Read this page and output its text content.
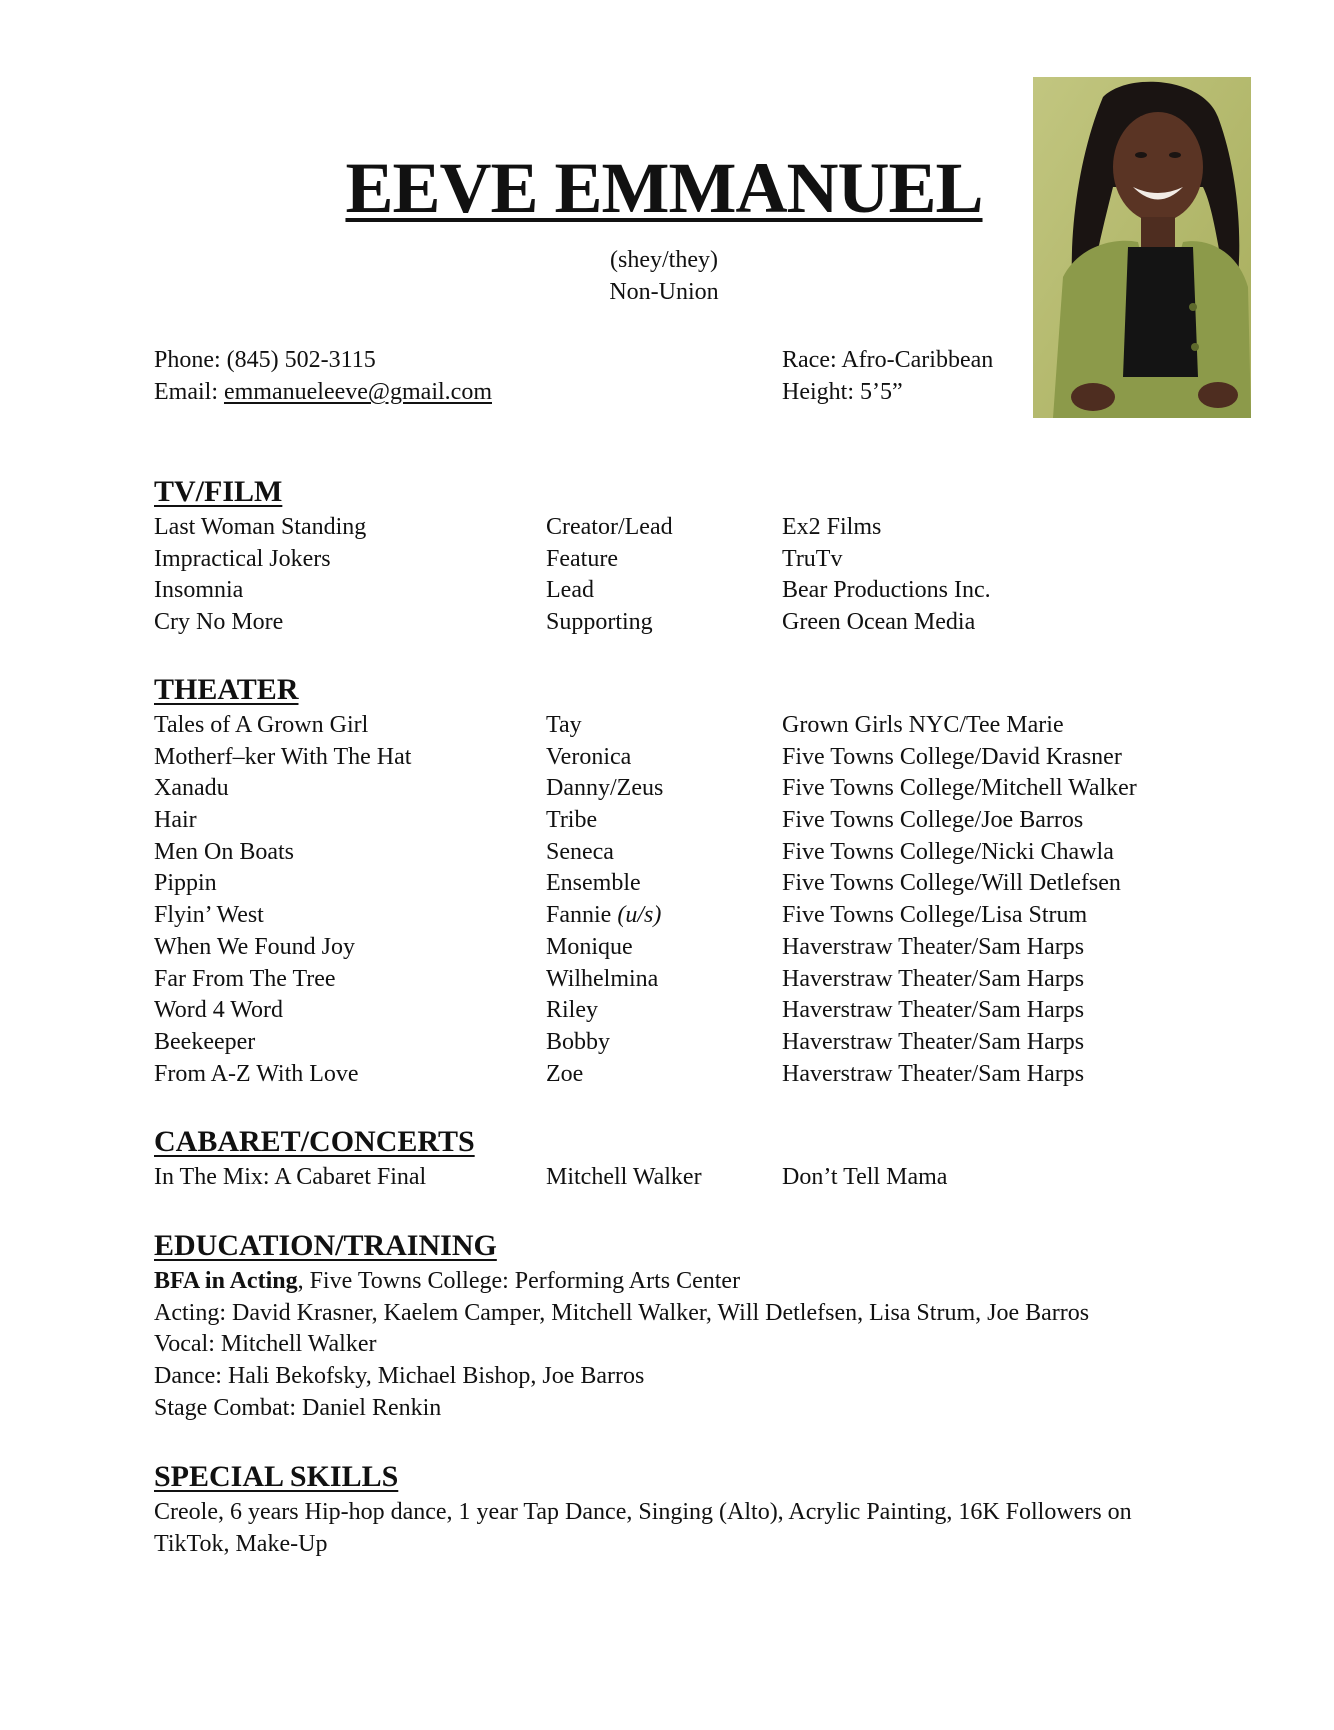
EEVE EMMANUEL
(shey/they)
Non-Union
Phone: (845) 502-3115
Email: emmanueleeve@gmail.com
Race: Afro-Caribbean
Height: 5’5”
TV/FILM
Last Woman Standing	Creator/Lead	Ex2 Films
Impractical Jokers	Feature	TruTv
Insomnia	Lead	Bear Productions Inc.
Cry No More	Supporting	Green Ocean Media
THEATER
Tales of A Grown Girl	Tay	Grown Girls NYC/Tee Marie
Motherf–ker With The Hat	Veronica	Five Towns College/David Krasner
Xanadu	Danny/Zeus	Five Towns College/Mitchell Walker
Hair	Tribe	Five Towns College/Joe Barros
Men On Boats	Seneca	Five Towns College/Nicki Chawla
Pippin	Ensemble	Five Towns College/Will Detlefsen
Flyin’ West	Fannie (u/s)	Five Towns College/Lisa Strum
When We Found Joy	Monique	Haverstraw Theater/Sam Harps
Far From The Tree	Wilhelmina	Haverstraw Theater/Sam Harps
Word 4 Word	Riley	Haverstraw Theater/Sam Harps
Beekeeper	Bobby	Haverstraw Theater/Sam Harps
From A-Z With Love	Zoe	Haverstraw Theater/Sam Harps
CABARET/CONCERTS
In The Mix: A Cabaret Final	Mitchell Walker	Don’t Tell Mama
EDUCATION/TRAINING
BFA in Acting, Five Towns College: Performing Arts Center
Acting: David Krasner, Kaelem Camper, Mitchell Walker, Will Detlefsen, Lisa Strum, Joe Barros
Vocal: Mitchell Walker
Dance: Hali Bekofsky, Michael Bishop, Joe Barros
Stage Combat: Daniel Renkin
SPECIAL SKILLS
Creole, 6 years Hip-hop dance, 1 year Tap Dance, Singing (Alto), Acrylic Painting, 16K Followers on
TikTok, Make-Up
